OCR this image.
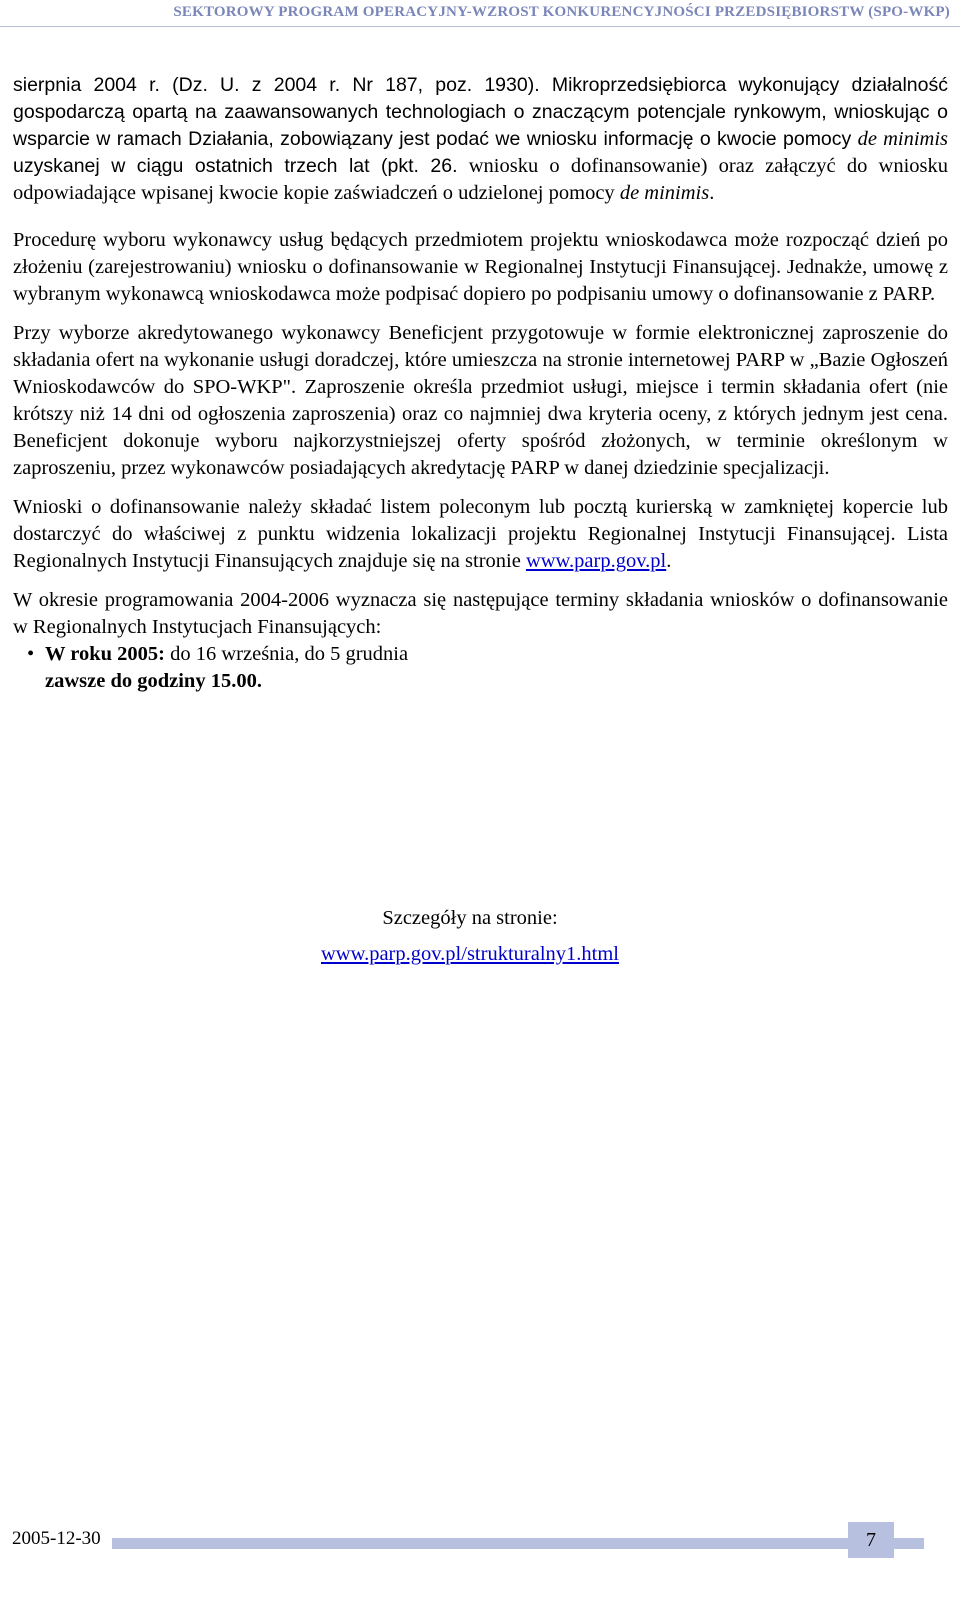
SEKTOROWY PROGRAM OPERACYJNY-WZROST KONKURENCYJNOŚCI PRZEDSIĘBIORSTW (SPO-WKP)

sierpnia 2004 r. (Dz. U. z 2004 r. Nr 187, poz. 1930). Mikroprzedsiębiorca wykonujący działalność gospodarczą opartą na zaawansowanych technologiach o znaczącym potencjale rynkowym, wnioskując o wsparcie w ramach Działania, zobowiązany jest podać we wniosku informację o kwocie pomocy de minimis uzyskanej w ciągu ostatnich trzech lat (pkt. 26. wniosku o dofinansowanie) oraz załączyć do wniosku odpowiadające wpisanej kwocie kopie zaświadczeń o udzielonej pomocy de minimis.

Procedurę wyboru wykonawcy usług będących przedmiotem projektu wnioskodawca może rozpocząć dzień po złożeniu (zarejestrowaniu) wniosku o dofinansowanie w Regionalnej Instytucji Finansującej. Jednakże, umowę z wybranym wykonawcą wnioskodawca może podpisać dopiero po podpisaniu umowy o dofinansowanie z PARP.

Przy wyborze akredytowanego wykonawcy Beneficjent przygotowuje w formie elektronicznej zaproszenie do składania ofert na wykonanie usługi doradczej, które umieszcza na stronie internetowej PARP w „Bazie Ogłoszeń Wnioskodawców do SPO-WKP". Zaproszenie określa przedmiot usługi, miejsce i termin składania ofert (nie krótszy niż 14 dni od ogłoszenia zaproszenia) oraz co najmniej dwa kryteria oceny, z których jednym jest cena. Beneficjent dokonuje wyboru najkorzystniejszej oferty spośród złożonych, w terminie określonym w zaproszeniu, przez wykonawców posiadających akredytację PARP w danej dziedzinie specjalizacji.

Wnioski o dofinansowanie należy składać listem poleconym lub pocztą kurierską w zamkniętej kopercie lub dostarczyć do właściwej z punktu widzenia lokalizacji projektu Regionalnej Instytucji Finansującej. Lista Regionalnych Instytucji Finansujących znajduje się na stronie www.parp.gov.pl.

W okresie programowania 2004-2006 wyznacza się następujące terminy składania wniosków o dofinansowanie w Regionalnych Instytucjach Finansujących:

• W roku 2005: do 16 września, do 5 grudnia
zawsze do godziny 15.00.
Szczegóły na stronie:
www.parp.gov.pl/strukturalny1.html
2005-12-30	7
